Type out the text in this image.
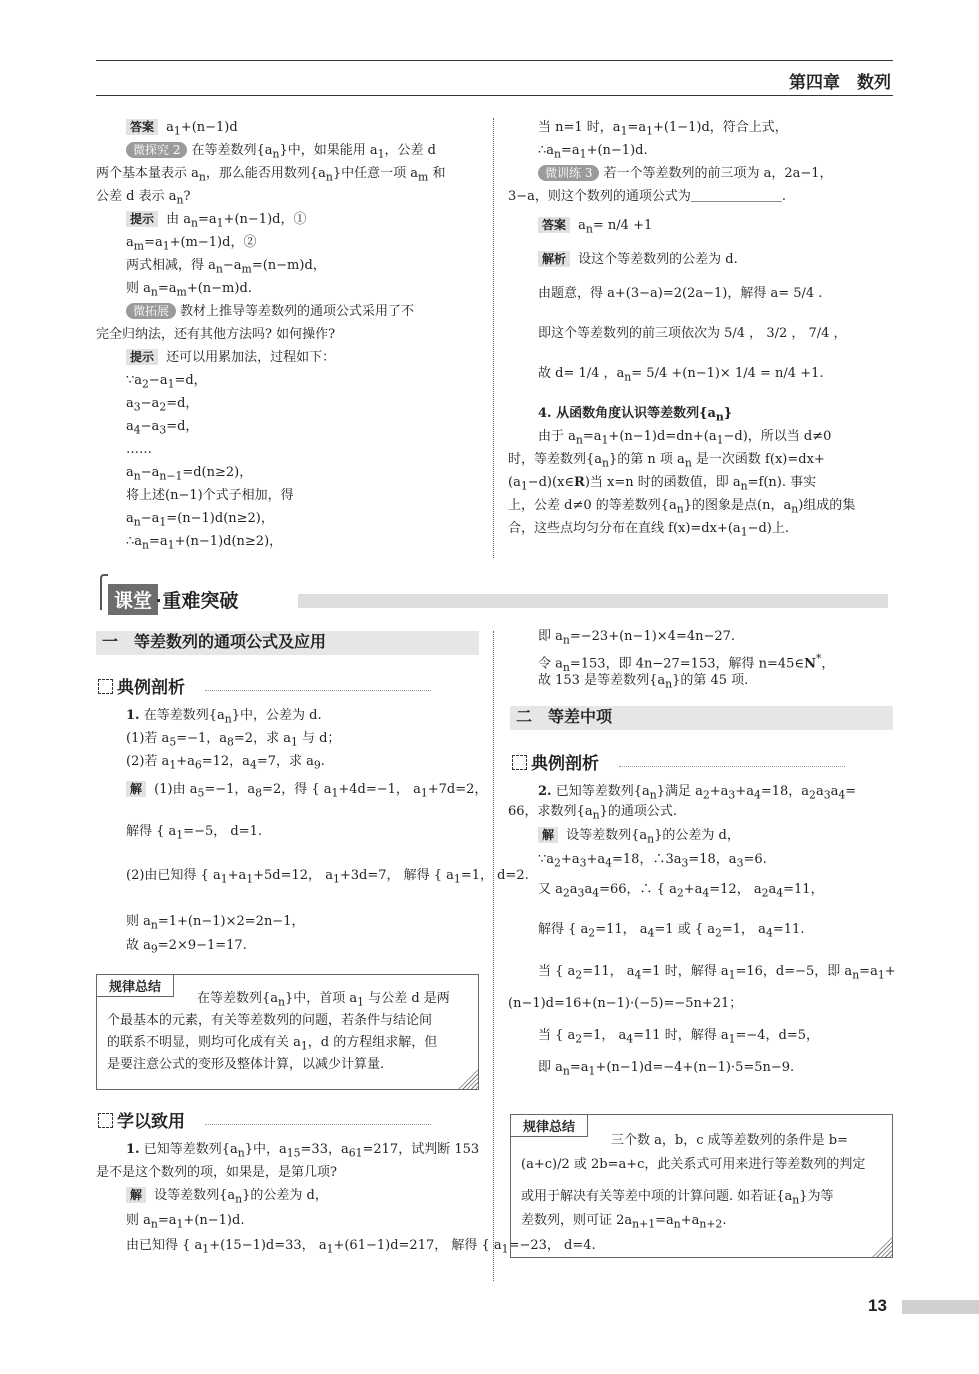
第四章　数列
答案 $a_1+(n-1)d$
微探究 2 在等差数列$\{a_n\}$中，如果能用 $a_1$，公差 d
两个基本量表示 $a_n$，那么能否用数列$\{a_n\}$中任意一项 $a_m$ 和
公差 d 表示 $a_n$?
提示 由 $a_n=a_1+(n-1)d$，①
$a_m=a_1+(m-1)d$，②
两式相减，得 $a_n-a_m=(n-m)d$，
则 $a_n=a_m+(n-m)d$.
微拓展 教材上推导等差数列的通项公式采用了不
完全归纳法，还有其他方法吗? 如何操作?
提示 还可以用累加法，过程如下：
$\because a_2-a_1=d$，
$a_3-a_2=d$，
$a_4-a_3=d$，
……
$a_n-a_{n-1}=d(n\ge 2)$，
将上述(n−1)个式子相加，得
$a_n-a_1=(n-1)d(n\ge 2)$，
$\therefore a_n=a_1+(n-1)d(n\ge 2)$，
当 n=1 时，$a_1=a_1+(1-1)d$，符合上式，
$\therefore a_n=a_1+(n-1)d$.
微训练 3 若一个等差数列的前三项为 a，2a−1，
3−a，则这个数列的通项公式为＿＿＿＿＿＿＿.
答案 $a_n= n/4 +1$
解析 设这个等差数列的公差为 d.
由题意，得 a+(3−a)=2(2a−1)，解得 a= 5/4 .
即这个等差数列的前三项依次为 5/4 ， 3/2 ， 7/4 ，
故 d= 1/4 ，$a_n= 5/4 +(n-1)\times 1/4 = n/4 +1$.
4. 从函数角度认识等差数列$\{a_n\}$
由于 $a_n=a_1+(n-1)d=dn+(a_1-d)$，所以当 d≠0
时，等差数列$\{a_n\}$的第 n 项 $a_n$ 是一次函数 f(x)=dx+
$(a_1-d)(x\in R)$当 x=n 时的函数值，即 $a_n=f(n)$. 事实
上，公差 d≠0 的等差数列$\{a_n\}$的图象是点(n，$a_n$)组成的集
合，这些点均匀分布在直线 $f(x)=dx+(a_1-d)$上.
课堂 ·重难突破
一 等差数列的通项公式及应用
典例剖析
1. 在等差数列$\{a_n\}$中，公差为 d.
(1)若 $a_5=-1$，$a_8=2$，求 $a_1$ 与 d；
(2)若 $a_1+a_6=12$，$a_4=7$，求 $a_9$.
解 (1)由 $a_5=-1$，$a_8=2$，得 { $a_1+4d=-1$， $a_1+7d=2$，
解得 { $a_1=-5$， d=1.
(2)由已知得 { $a_1+a_1+5d=12$， $a_1+3d=7$， 解得 { $a_1=1$， d=2.
则 $a_n=1+(n-1)\times 2=2n-1$，
故 $a_9=2\times 9-1=17$.
规律总结
在等差数列$\{a_n\}$中，首项 $a_1$ 与公差 d 是两
个最基本的元素，有关等差数列的问题，若条件与结论间
的联系不明显，则均可化成有关 $a_1$，d 的方程组求解，但
是要注意公式的变形及整体计算，以减少计算量.
学以致用
1. 已知等差数列$\{a_n\}$中，$a_{15}=33$，$a_{61}=217$，试判断 153
是不是这个数列的项，如果是，是第几项?
解 设等差数列$\{a_n\}$的公差为 d，
则 $a_n=a_1+(n-1)d$.
由已知得 { $a_1+(15-1)d=33$， $a_1+(61-1)d=217$， 解得 { $a_1=-23$， d=4.
即 $a_n=-23+(n-1)\times 4=4n-27$.
令 $a_n=153$，即 4n−27=153，解得 n=45∈N*，
故 153 是等差数列$\{a_n\}$的第 45 项.
二 等差中项
典例剖析
2. 已知等差数列$\{a_n\}$满足 $a_2+a_3+a_4=18$，$a_2a_3a_4=$
66，求数列$\{a_n\}$的通项公式.
解 设等差数列$\{a_n\}$的公差为 d，
$\because a_2+a_3+a_4=18$，$\therefore 3a_3=18$，$a_3=6$.
又 $a_2a_3a_4=66$，∴ { $a_2+a_4=12$， $a_2a_4=11$，
解得 { $a_2=11$， $a_4=1$ 或 { $a_2=1$， $a_4=11$.
当 { $a_2=11$， $a_4=1$ 时，解得 $a_1=16$，d=−5，即 $a_n=a_1+$
(n−1)d=16+(n−1)·(−5)=−5n+21；
当 { $a_2=1$， $a_4=11$ 时，解得 $a_1=-4$，d=5，
即 $a_n=a_1+(n-1)d=-4+(n-1)\cdot 5=5n-9$.
规律总结
三个数 a，b，c 成等差数列的条件是 b=
(a+c)/2 或 2b=a+c，此关系式可用来进行等差数列的判定
或用于解决有关等差中项的计算问题. 如若证$\{a_n\}$为等
差数列，则可证 $2a_{n+1}=a_n+a_{n+2}$.
13
